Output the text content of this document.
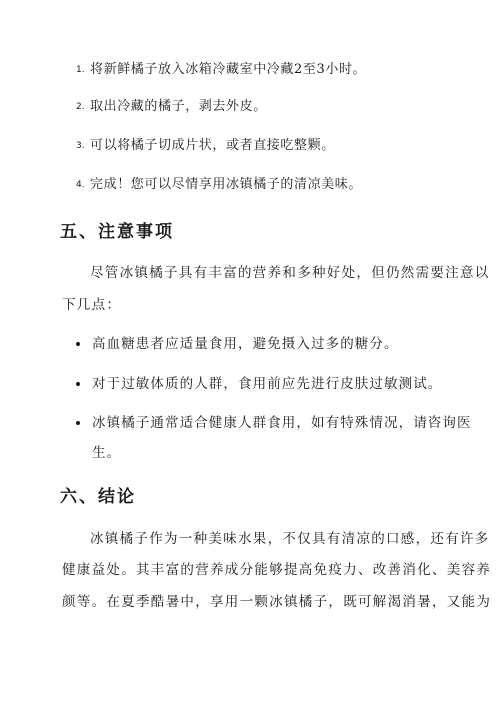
1. 将新鲜橘子放入冰箱冷藏室中冷藏2至3小时。
2. 取出冷藏的橘子，剥去外皮。
3. 可以将橘子切成片状，或者直接吃整颗。
4. 完成！您可以尽情享用冰镇橘子的清凉美味。
五、注意事项
尽管冰镇橘子具有丰富的营养和多种好处，但仍然需要注意以
下几点：
高血糖患者应适量食用，避免摄入过多的糖分。
对于过敏体质的人群，食用前应先进行皮肤过敏测试。
冰镇橘子通常适合健康人群食用，如有特殊情况，请咨询医
生。
六、结论
冰镇橘子作为一种美味水果，不仅具有清凉的口感，还有许多
健康益处。其丰富的营养成分能够提高免疫力、改善消化、美容养
颜等。在夏季酷暑中，享用一颗冰镇橘子，既可解渴消暑，又能为
